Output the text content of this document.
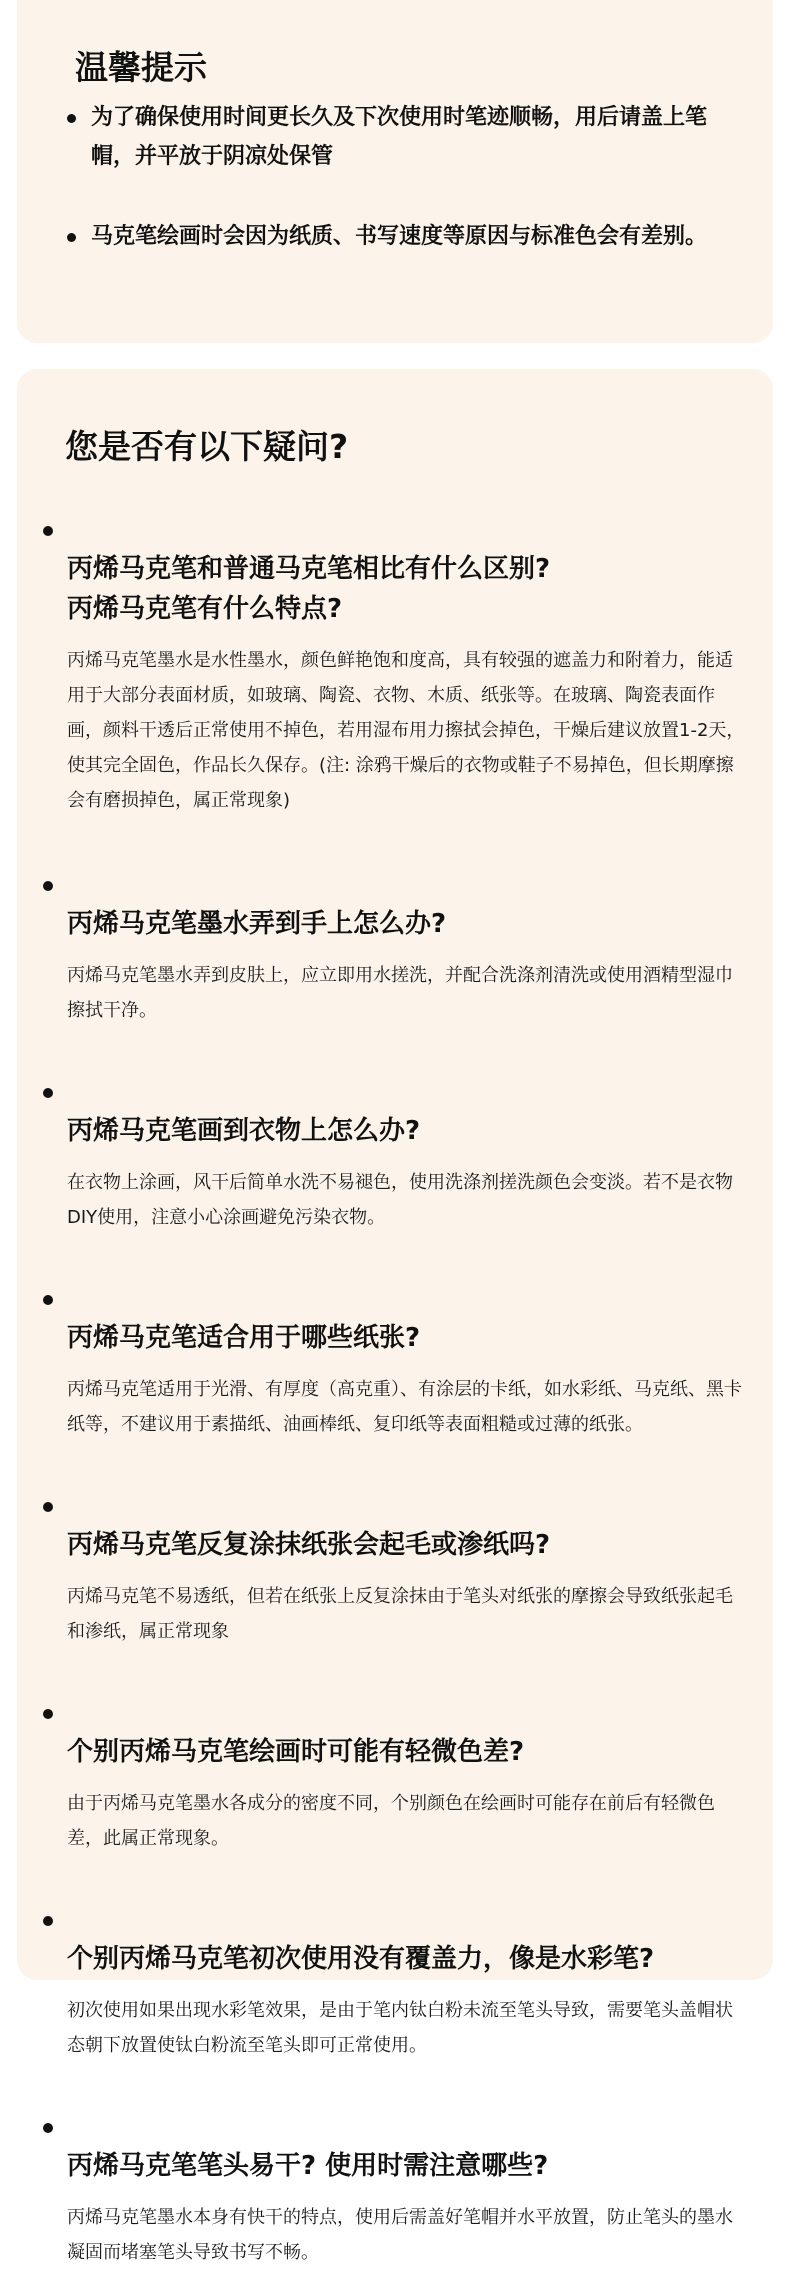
温馨提示
为了确保使用时间更长久及下次使用时笔迹顺畅，用后请盖上笔帽，并平放于阴凉处保管
马克笔绘画时会因为纸质、书写速度等原因与标准色会有差别。
您是否有以下疑问?

丙烯马克笔和普通马克笔相比有什么区别?
丙烯马克笔有什么特点?

丙烯马克笔墨水是水性墨水，颜色鲜艳饱和度高，具有较强的遮盖力和附着力，能适用于大部分表面材质，如玻璃、陶瓷、衣物、木质、纸张等。在玻璃、陶瓷表面作画，颜料干透后正常使用不掉色，若用湿布用力擦拭会掉色，干燥后建议放置1-2天，使其完全固色，作品长久保存。(注: 涂鸦干燥后的衣物或鞋子不易掉色，但长期摩擦会有磨损掉色，属正常现象)

丙烯马克笔墨水弄到手上怎么办?

丙烯马克笔墨水弄到皮肤上，应立即用水搓洗，并配合洗涤剂清洗或使用酒精型湿巾擦拭干净。

丙烯马克笔画到衣物上怎么办?

在衣物上涂画，风干后简单水洗不易褪色，使用洗涤剂搓洗颜色会变淡。若不是衣物DIY使用，注意小心涂画避免污染衣物。

丙烯马克笔适合用于哪些纸张?

丙烯马克笔适用于光滑、有厚度（高克重）、有涂层的卡纸，如水彩纸、马克纸、黑卡纸等，不建议用于素描纸、油画棒纸、复印纸等表面粗糙或过薄的纸张。

丙烯马克笔反复涂抹纸张会起毛或渗纸吗?

丙烯马克笔不易透纸，但若在纸张上反复涂抹由于笔头对纸张的摩擦会导致纸张起毛和渗纸，属正常现象

个别丙烯马克笔绘画时可能有轻微色差?

由于丙烯马克笔墨水各成分的密度不同，个别颜色在绘画时可能存在前后有轻微色差，此属正常现象。

个别丙烯马克笔初次使用没有覆盖力，像是水彩笔?

初次使用如果出现水彩笔效果，是由于笔内钛白粉未流至笔头导致，需要笔头盖帽状态朝下放置使钛白粉流至笔头即可正常使用。

丙烯马克笔笔头易干? 使用时需注意哪些?

丙烯马克笔墨水本身有快干的特点，使用后需盖好笔帽并水平放置，防止笔头的墨水凝固而堵塞笔头导致书写不畅。
